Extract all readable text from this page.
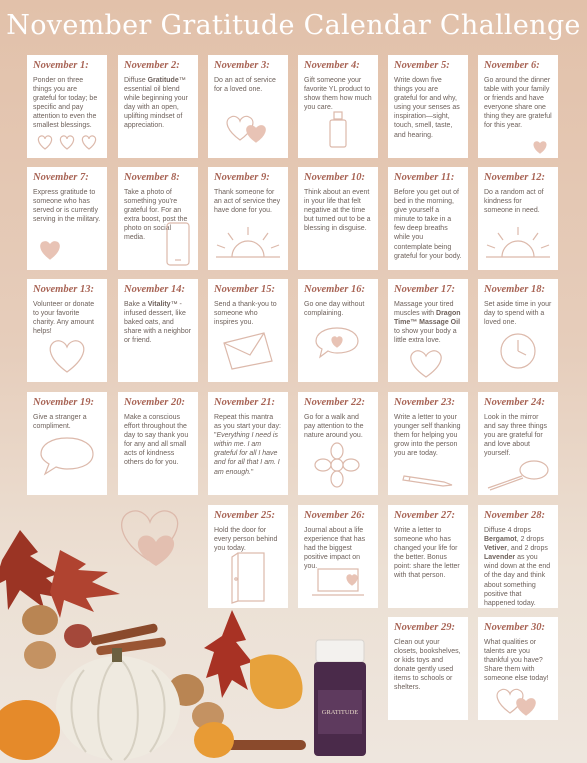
November Gratitude Calendar Challenge
November 1:
Ponder on three things you are grateful for today; be specific and pay attention to even the smallest blessings.
November 2:
Diffuse Gratitude™ essential oil blend while beginning your day with an open, uplifting mindset of appreciation.
November 3:
Do an act of service for a loved one.
November 4:
Gift someone your favorite YL product to show them how much you care.
November 5:
Write down five things you are grateful for and why, using your senses as inspiration—sight, touch, smell, taste, and hearing.
November 6:
Go around the dinner table with your family or friends and have everyone share one thing they are grateful for this year.
November 7:
Express gratitude to someone who has served or is currently serving in the military.
November 8:
Take a photo of something you're grateful for. For an extra boost, post the photo on social media.
November 9:
Thank someone for an act of service they have done for you.
November 10:
Think about an event in your life that felt negative at the time but turned out to be a blessing in disguise.
November 11:
Before you get out of bed in the morning, give yourself a minute to take in a few deep breaths while you contemplate being grateful for your body.
November 12:
Do a random act of kindness for someone in need.
November 13:
Volunteer or donate to your favorite charity. Any amount helps!
November 14:
Bake a Vitality™ -infused dessert, like baked oats, and share with a neighbor or friend.
November 15:
Send a thank-you to someone who inspires you.
November 16:
Go one day without complaining.
November 17:
Massage your tired muscles with Dragon Time™ Massage Oil to show your body a little extra love.
November 18:
Set aside time in your day to spend with a loved one.
November 19:
Give a stranger a compliment.
November 20:
Make a conscious effort throughout the day to say thank you for any and all small acts of kindness others do for you.
November 21:
Repeat this mantra as you start your day: "Everything I need is within me. I am grateful for all I have and for all that I am. I am enough."
November 22:
Go for a walk and pay attention to the nature around you.
November 23:
Write a letter to your younger self thanking them for helping you grow into the person you are today.
November 24:
Look in the mirror and say three things you are grateful for and love about yourself.
November 25:
Hold the door for every person behind you today.
November 26:
Journal about a life experience that has had the biggest positive impact on you.
November 27:
Write a letter to someone who has changed your life for the better. Bonus point: share the letter with that person.
November 28:
Diffuse 4 drops Bergamot, 2 drops Vetiver, and 2 drops Lavender as you wind down at the end of the day and think about something positive that happened today.
November 29:
Clean out your closets, bookshelves, or kids toys and donate gently used items to schools or shelters.
November 30:
What qualities or talents are you thankful you have? Share them with someone else today!
GRATITUDE
